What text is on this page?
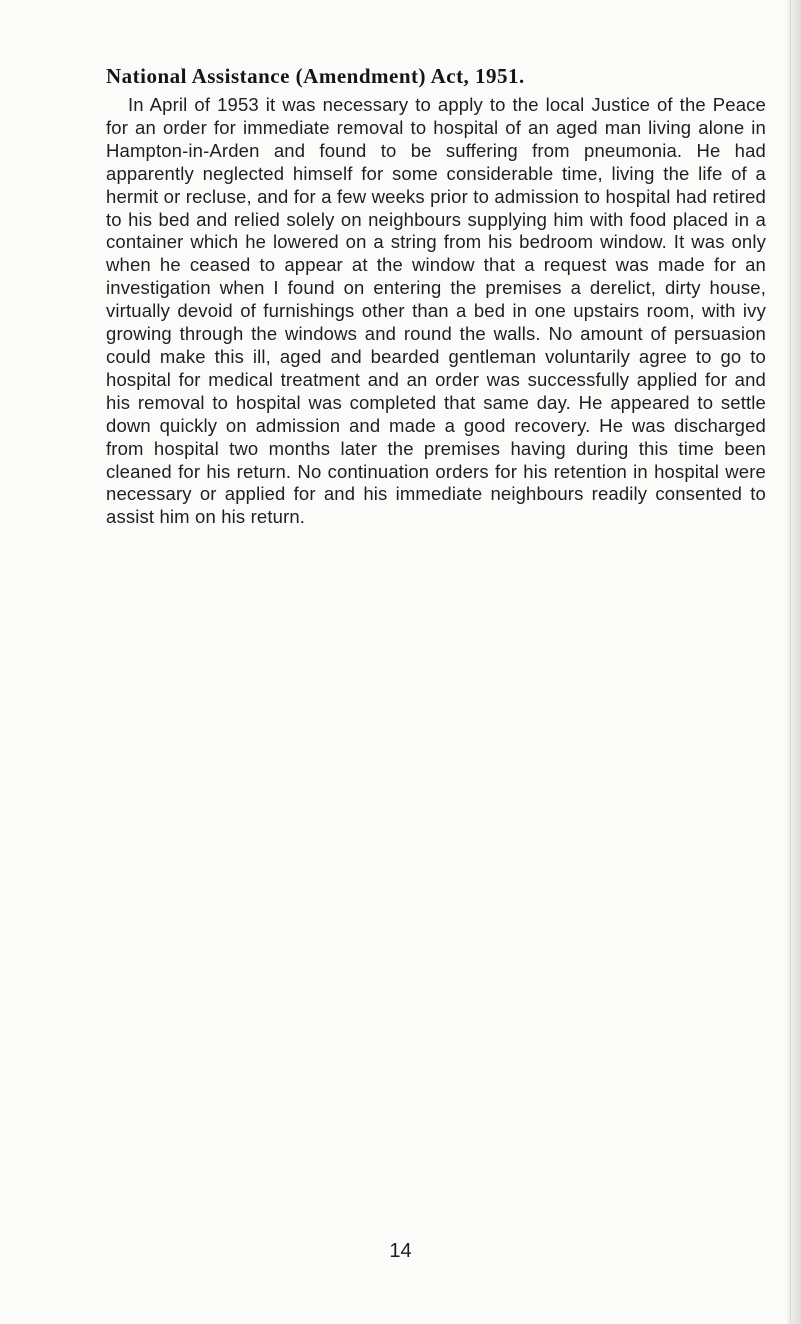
National Assistance (Amendment) Act, 1951.

In April of 1953 it was necessary to apply to the local Justice of the Peace for an order for immediate removal to hospital of an aged man living alone in Hampton-in-Arden and found to be suffering from pneumonia. He had apparently neglected himself for some considerable time, living the life of a hermit or recluse, and for a few weeks prior to admission to hospital had retired to his bed and relied solely on neighbours supplying him with food placed in a container which he lowered on a string from his bedroom window. It was only when he ceased to appear at the window that a request was made for an investigation when I found on entering the premises a derelict, dirty house, virtually devoid of furnishings other than a bed in one upstairs room, with ivy growing through the windows and round the walls. No amount of persuasion could make this ill, aged and bearded gentleman voluntarily agree to go to hospital for medical treatment and an order was successfully applied for and his removal to hospital was completed that same day. He appeared to settle down quickly on admission and made a good recovery. He was discharged from hospital two months later the premises having during this time been cleaned for his return. No continuation orders for his retention in hospital were necessary or applied for and his immediate neighbours readily consented to assist him on his return.

14
